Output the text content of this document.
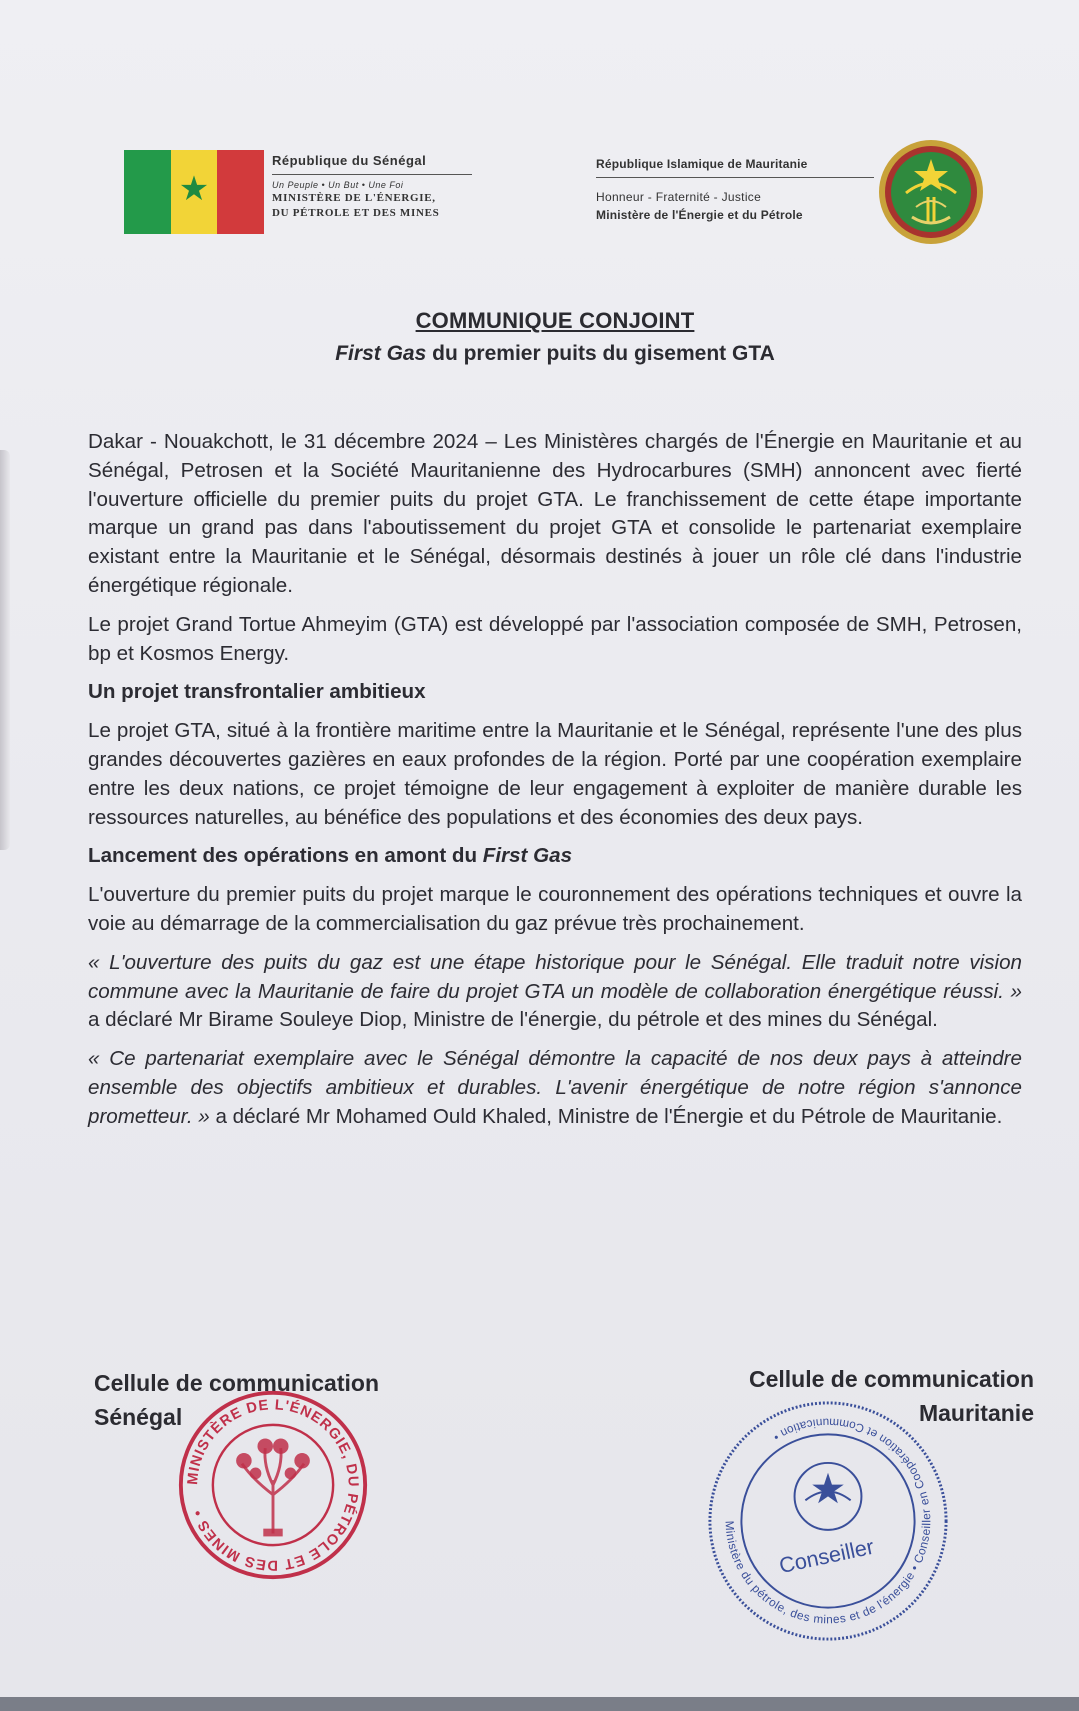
★
République du Sénégal
Un Peuple • Un But • Une Foi
MINISTÈRE DE L'ÉNERGIE,
DU PÉTROLE ET DES MINES
République Islamique de Mauritanie
Honneur - Fraternité - Justice
Ministère de l'Énergie et du Pétrole
COMMUNIQUE CONJOINT
First Gas du premier puits du gisement GTA

Dakar - Nouakchott, le 31 décembre 2024 – Les Ministères chargés de l'Énergie en Mauritanie et au Sénégal, Petrosen et la Société Mauritanienne des Hydrocarbures (SMH) annoncent avec fierté l'ouverture officielle du premier puits du projet GTA. Le franchissement de cette étape importante marque un grand pas dans l'aboutissement du projet GTA et consolide le partenariat exemplaire existant entre la Mauritanie et le Sénégal, désormais destinés à jouer un rôle clé dans l'industrie énergétique régionale.

Le projet Grand Tortue Ahmeyim (GTA) est développé par l'association composée de SMH, Petrosen, bp et Kosmos Energy.

Un projet transfrontalier ambitieux

Le projet GTA, situé à la frontière maritime entre la Mauritanie et le Sénégal, représente l'une des plus grandes découvertes gazières en eaux profondes de la région. Porté par une coopération exemplaire entre les deux nations, ce projet témoigne de leur engagement à exploiter de manière durable les ressources naturelles, au bénéfice des populations et des économies des deux pays.

Lancement des opérations en amont du First Gas

L'ouverture du premier puits du projet marque le couronnement des opérations techniques et ouvre la voie au démarrage de la commercialisation du gaz prévue très prochainement.

« L'ouverture des puits du gaz est une étape historique pour le Sénégal. Elle traduit notre vision commune avec la Mauritanie de faire du projet GTA un modèle de collaboration énergétique réussi. » a déclaré Mr Birame Souleye Diop, Ministre de l'énergie, du pétrole et des mines du Sénégal.

« Ce partenariat exemplaire avec le Sénégal démontre la capacité de nos deux pays à atteindre ensemble des objectifs ambitieux et durables. L'avenir énergétique de notre région s'annonce prometteur. » a déclaré Mr Mohamed Ould Khaled, Ministre de l'Énergie et du Pétrole de Mauritanie.

Cellule de communication
Sénégal
Cellule de communication
Mauritanie
MINISTÈRE DE L'ÉNERGIE, DU PÉTROLE ET DES MINES •
Ministère du pétrole, des mines et de l'énergie • Conseiller en Coopération et Communication •
Conseiller
